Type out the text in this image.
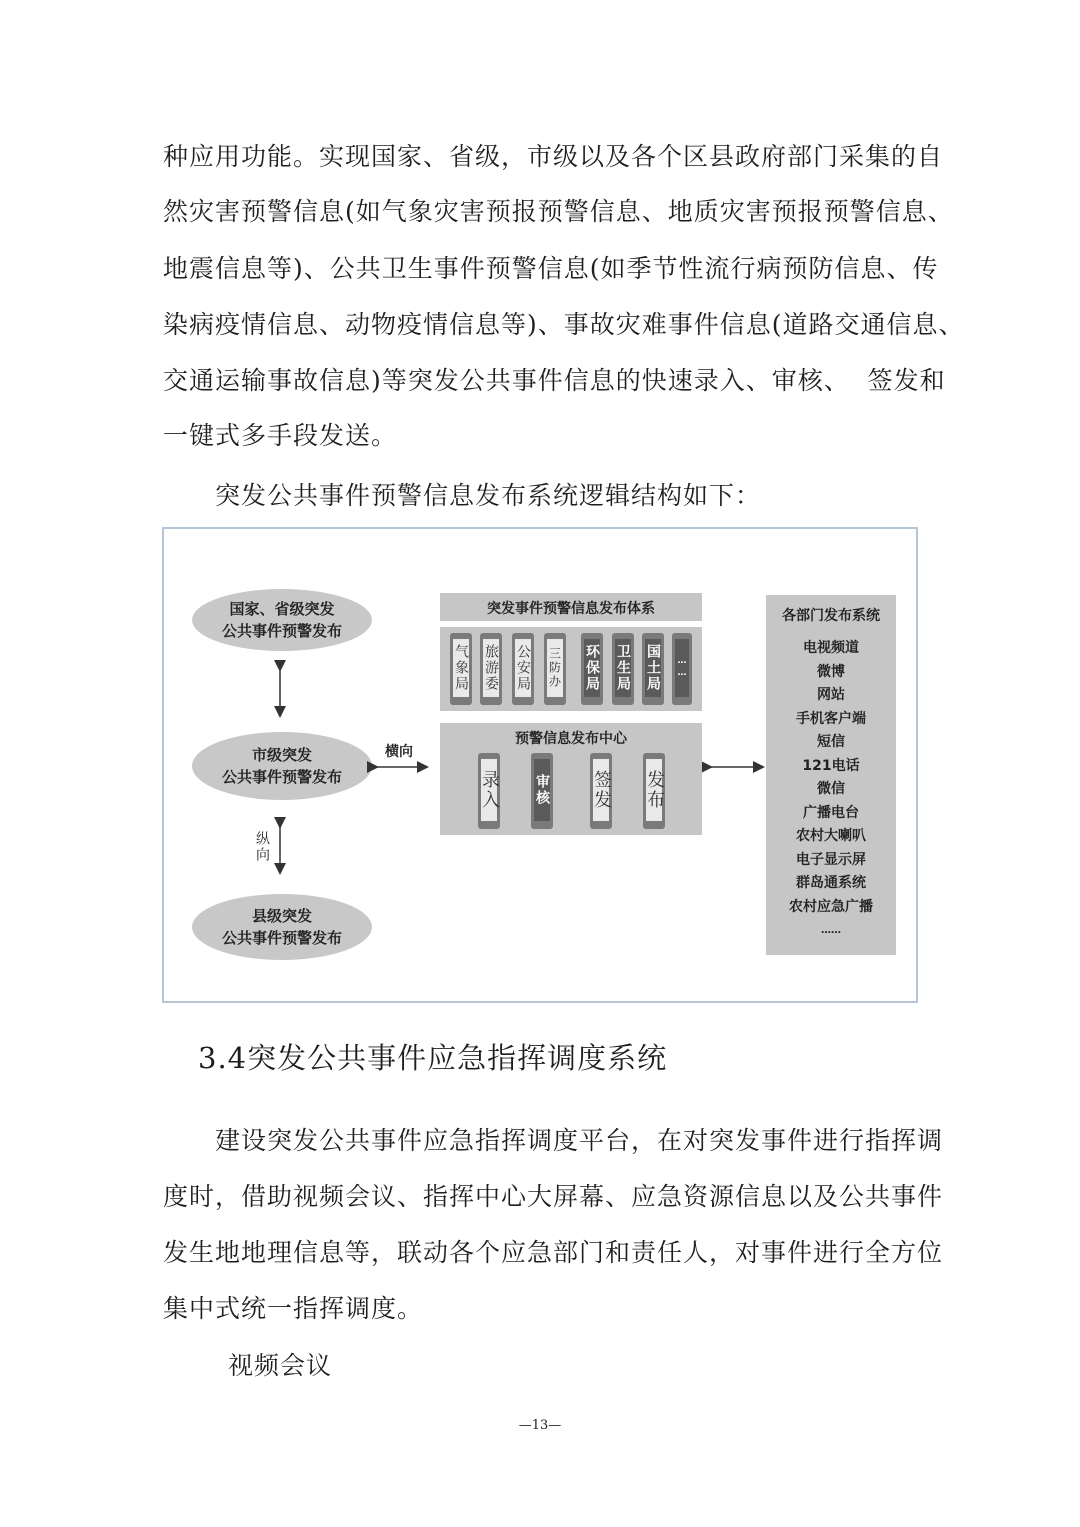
种应用功能。实现国家、省级，市级以及各个区县政府部门采集的自
然灾害预警信息(如气象灾害预报预警信息、地质灾害预报预警信息、
地震信息等)、公共卫生事件预警信息(如季节性流行病预防信息、传
染病疫情信息、动物疫情信息等)、事故灾难事件信息(道路交通信息、
交通运输事故信息)等突发公共事件信息的快速录入、审核、  签发和
一键式多手段发送。
突发公共事件预警信息发布系统逻辑结构如下：
国家、省级突发
公共事件预警发布
市级突发
公共事件预警发布
县级突发
公共事件预警发布
纵向
横向
突发事件预警信息发布体系
气象局 旅游委 公安局 三防办 环保局 卫生局 国土局 ……
预警信息发布中心
录入 审核 签发 发布
各部门发布系统
电视频道
微博
网站
手机客户端
短信
121电话
微信
广播电台
农村大喇叭
电子显示屏
群岛通系统
农村应急广播
……
3.4突发公共事件应急指挥调度系统
建设突发公共事件应急指挥调度平台，在对突发事件进行指挥调
度时，借助视频会议、指挥中心大屏幕、应急资源信息以及公共事件
发生地地理信息等，联动各个应急部门和责任人，对事件进行全方位
集中式统一指挥调度。
视频会议
—13—
